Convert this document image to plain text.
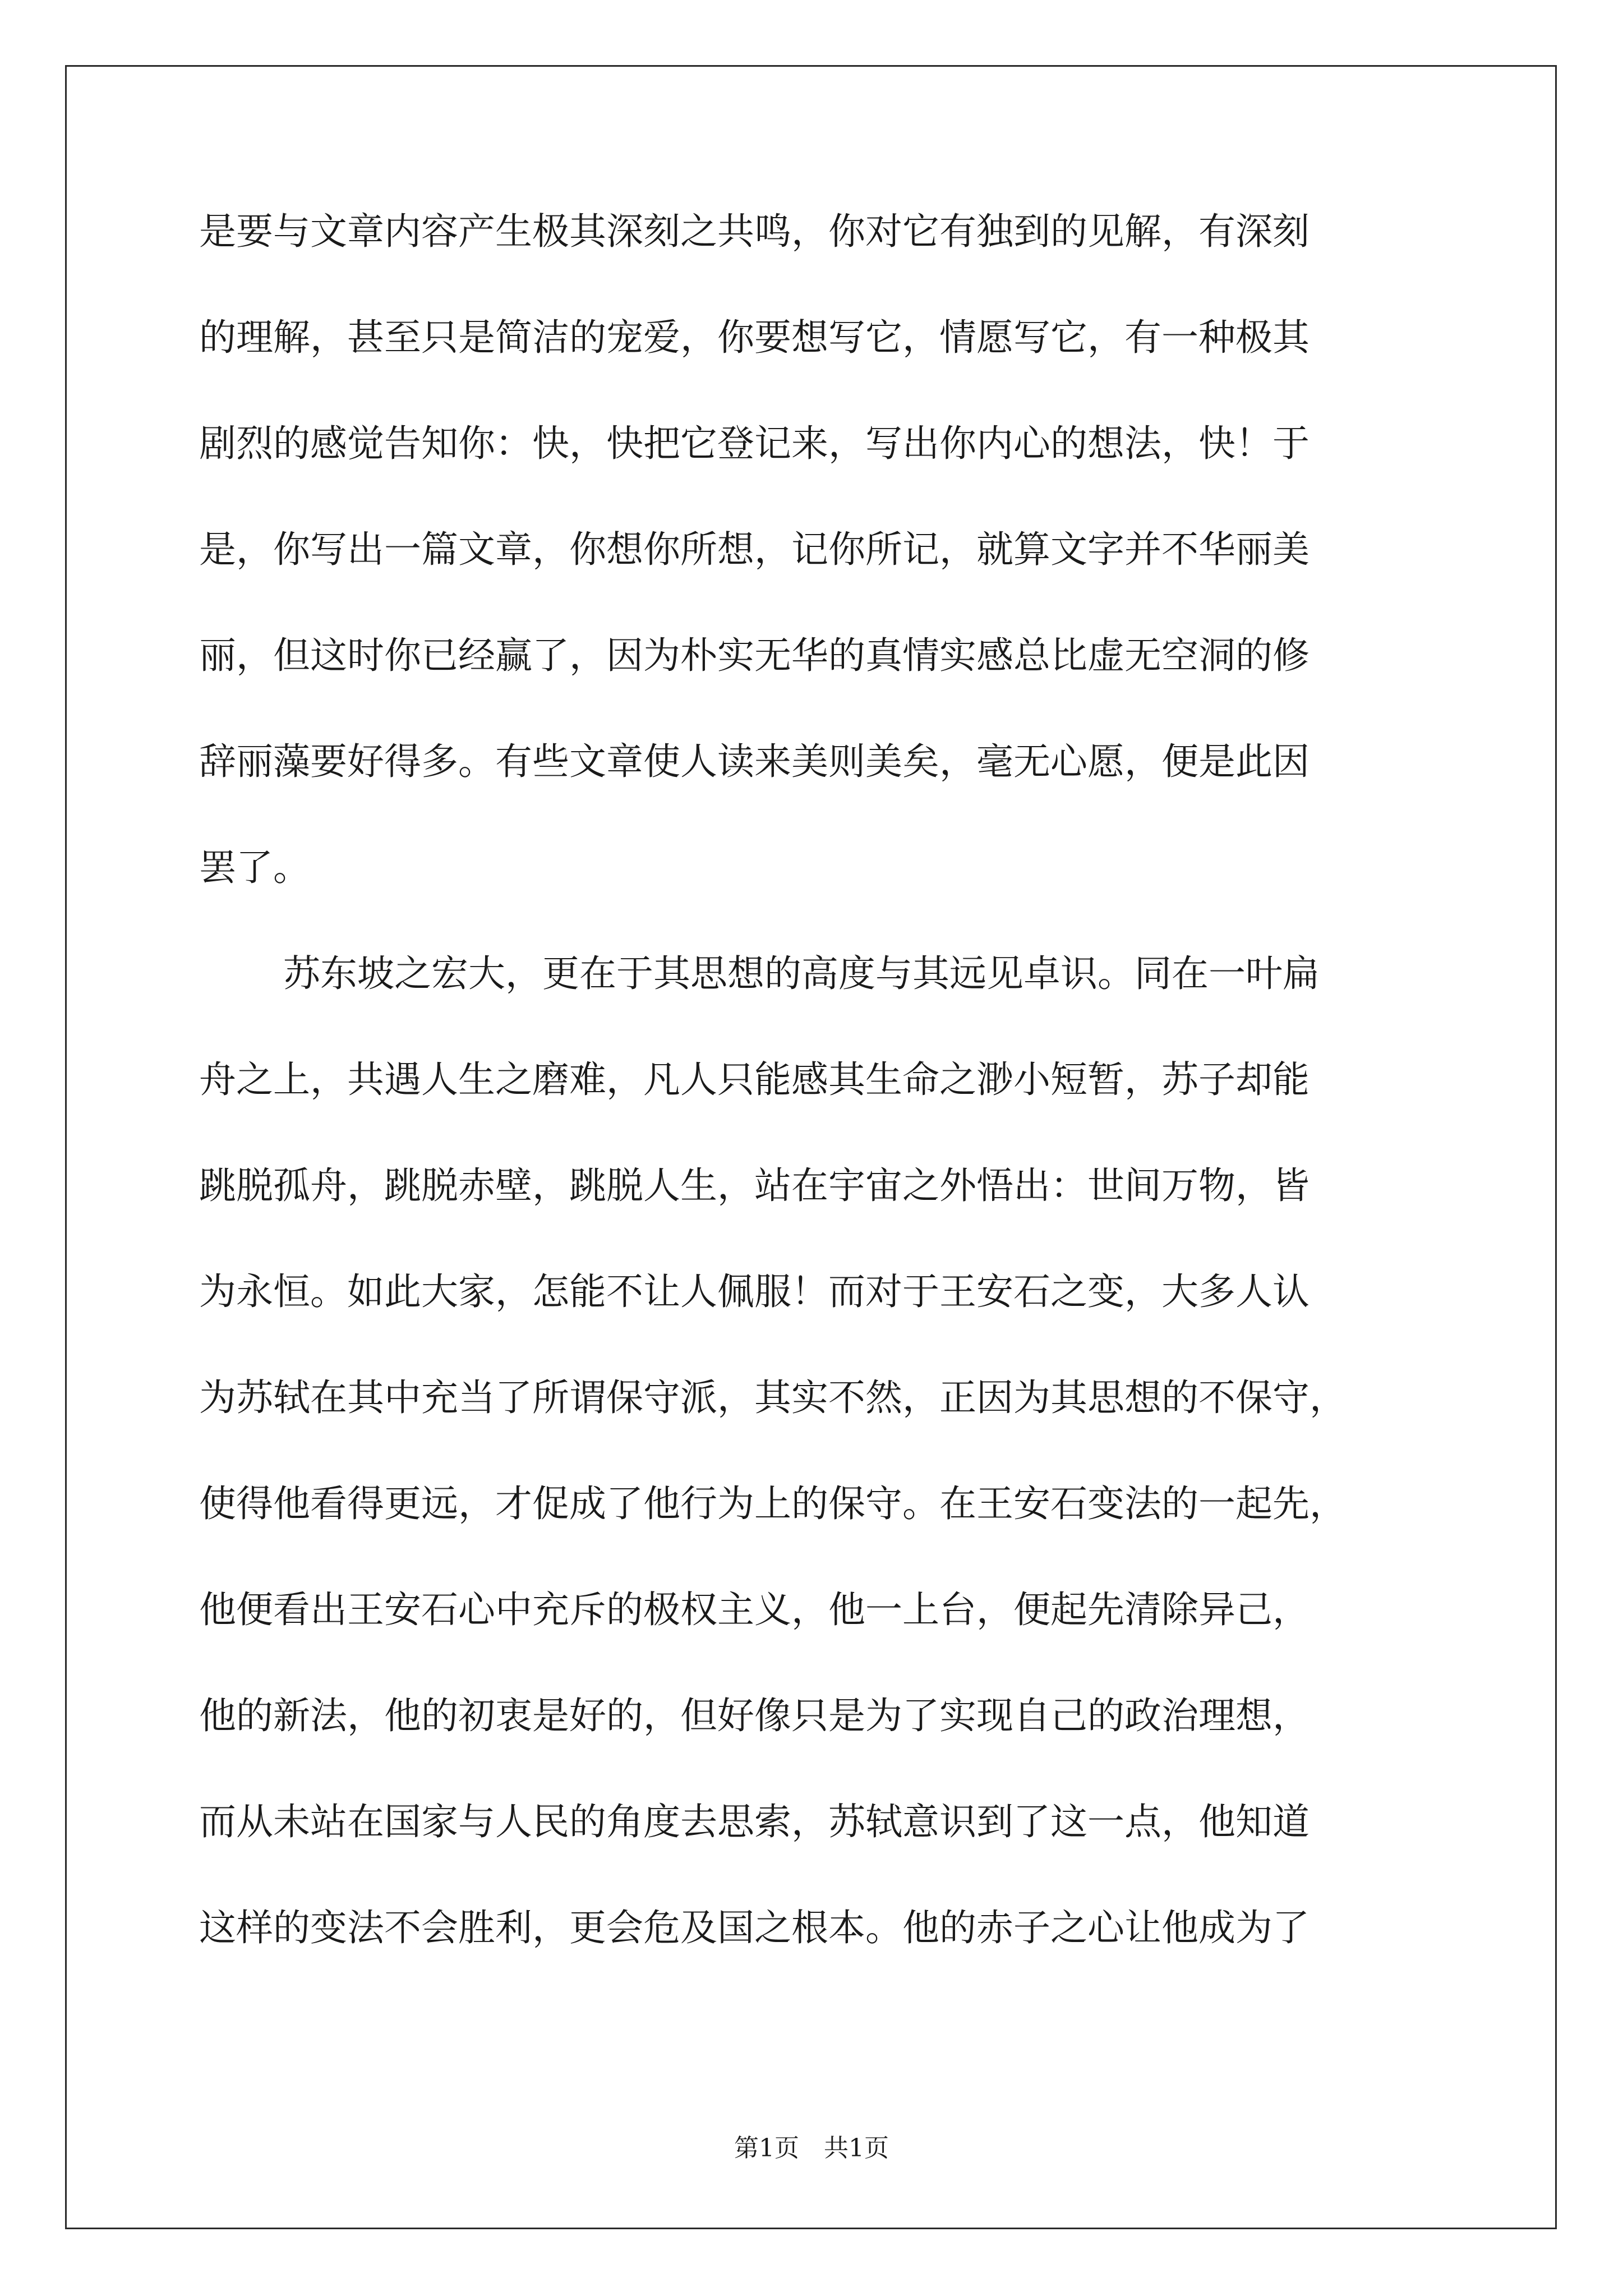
是要与文章内容产生极其深刻之共鸣，你对它有独到的见解，有深刻
的理解，甚至只是简洁的宠爱，你要想写它，情愿写它，有一种极其
剧烈的感觉告知你：快，快把它登记来，写出你内心的想法，快！于
是，你写出一篇文章，你想你所想，记你所记，就算文字并不华丽美
丽，但这时你已经赢了，因为朴实无华的真情实感总比虚无空洞的修
辞丽藻要好得多。有些文章使人读来美则美矣，毫无心愿，便是此因
罢了。
苏东坡之宏大，更在于其思想的高度与其远见卓识。同在一叶扁
舟之上，共遇人生之磨难，凡人只能感其生命之渺小短暂，苏子却能
跳脱孤舟，跳脱赤壁，跳脱人生，站在宇宙之外悟出：世间万物，皆
为永恒。如此大家，怎能不让人佩服！而对于王安石之变，大多人认
为苏轼在其中充当了所谓保守派，其实不然，正因为其思想的不保守，
使得他看得更远，才促成了他行为上的保守。在王安石变法的一起先，
他便看出王安石心中充斥的极权主义，他一上台，便起先清除异己，
他的新法，他的初衷是好的，但好像只是为了实现自己的政治理想，
而从未站在国家与人民的角度去思索，苏轼意识到了这一点，他知道
这样的变法不会胜利，更会危及国之根本。他的赤子之心让他成为了
第1页　共1页
